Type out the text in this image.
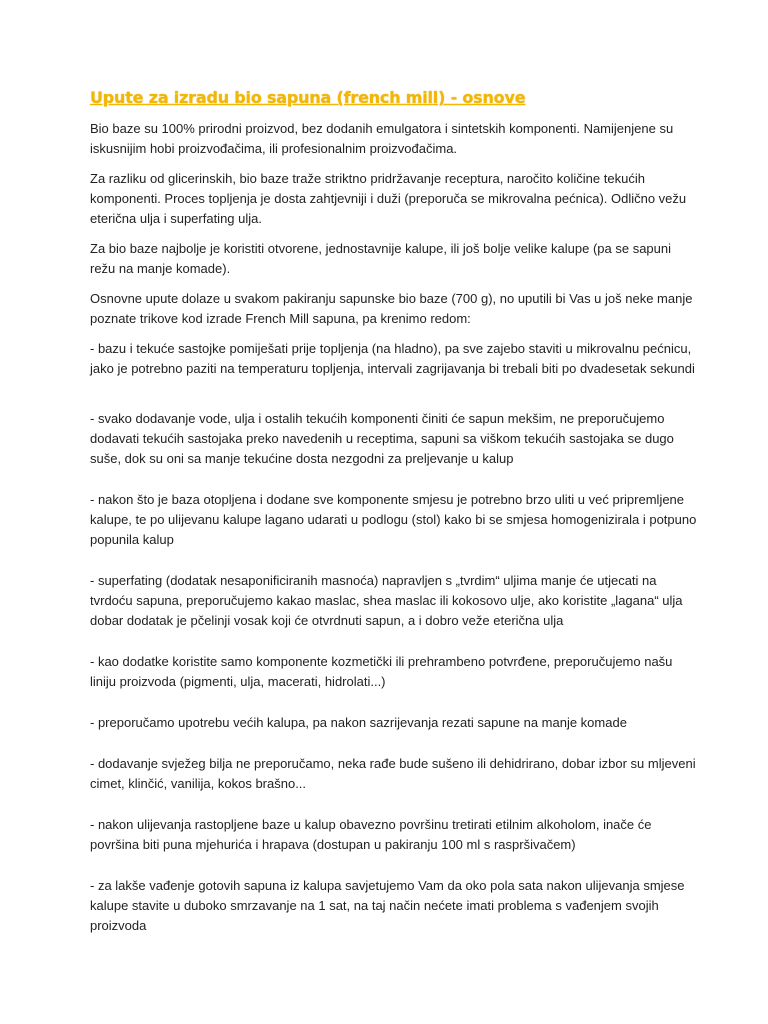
Upute za izradu bio sapuna (french mill) - osnove

Bio baze su 100% prirodni proizvod, bez dodanih emulgatora i sintetskih komponenti. Namijenjene su iskusnijim hobi proizvođačima, ili profesionalnim proizvođačima.

Za razliku od glicerinskih, bio baze traže striktno pridržavanje receptura, naročito količine tekućih komponenti. Proces topljenja je dosta zahtjevniji i duži (preporuča se mikrovalna pećnica). Odlično vežu eterična ulja i superfating ulja.

Za bio baze najbolje je koristiti otvorene, jednostavnije kalupe, ili još bolje velike kalupe (pa se sapuni režu na manje komade).

Osnovne upute dolaze u svakom pakiranju sapunske bio baze (700 g), no uputili bi Vas u još neke manje poznate trikove kod izrade French Mill sapuna, pa krenimo redom:

- bazu i tekuće sastojke pomiješati prije topljenja (na hladno), pa sve zajebo staviti u mikrovalnu pećnicu, jako je potrebno paziti na temperaturu topljenja, intervali zagrijavanja bi trebali biti po dvadesetak sekundi

- svako dodavanje vode, ulja i ostalih tekućih komponenti činiti će sapun mekšim, ne preporučujemo dodavati tekućih sastojaka preko navedenih u receptima, sapuni sa viškom tekućih sastojaka se dugo suše, dok su oni sa manje tekućine dosta nezgodni za preljevanje u kalup

- nakon što je baza otopljena i dodane sve komponente smjesu je potrebno brzo uliti u već pripremljene kalupe, te po ulijevanu kalupe lagano udarati u podlogu (stol) kako bi se smjesa homogenizirala i potpuno popunila kalup

- superfating (dodatak nesaponificiranih masnoća) napravljen s „tvrdim“ uljima manje će utjecati na tvrdoću sapuna, preporučujemo kakao maslac, shea maslac ili kokosovo ulje, ako koristite „lagana“ ulja dobar dodatak je pčelinji vosak koji će otvrdnuti sapun, a i dobro veže eterična ulja

- kao dodatke koristite samo komponente kozmetički ili prehrambeno potvrđene, preporučujemo našu liniju proizvoda (pigmenti, ulja, macerati, hidrolati...)

- preporučamo upotrebu većih kalupa, pa nakon sazrijevanja rezati sapune na manje komade

- dodavanje svježeg bilja ne preporučamo, neka rađe bude sušeno ili dehidrirano, dobar izbor su mljeveni cimet, klinčić, vanilija, kokos brašno...

- nakon ulijevanja rastopljene baze u kalup obavezno površinu tretirati etilnim alkoholom, inače će površina biti puna mjehurića i hrapava (dostupan u pakiranju 100 ml s raspršivačem)

- za lakše vađenje gotovih sapuna iz kalupa savjetujemo Vam da oko pola sata nakon ulijevanja smjese kalupe stavite u duboko smrzavanje na 1 sat, na taj način nećete imati problema s vađenjem svojih proizvoda
